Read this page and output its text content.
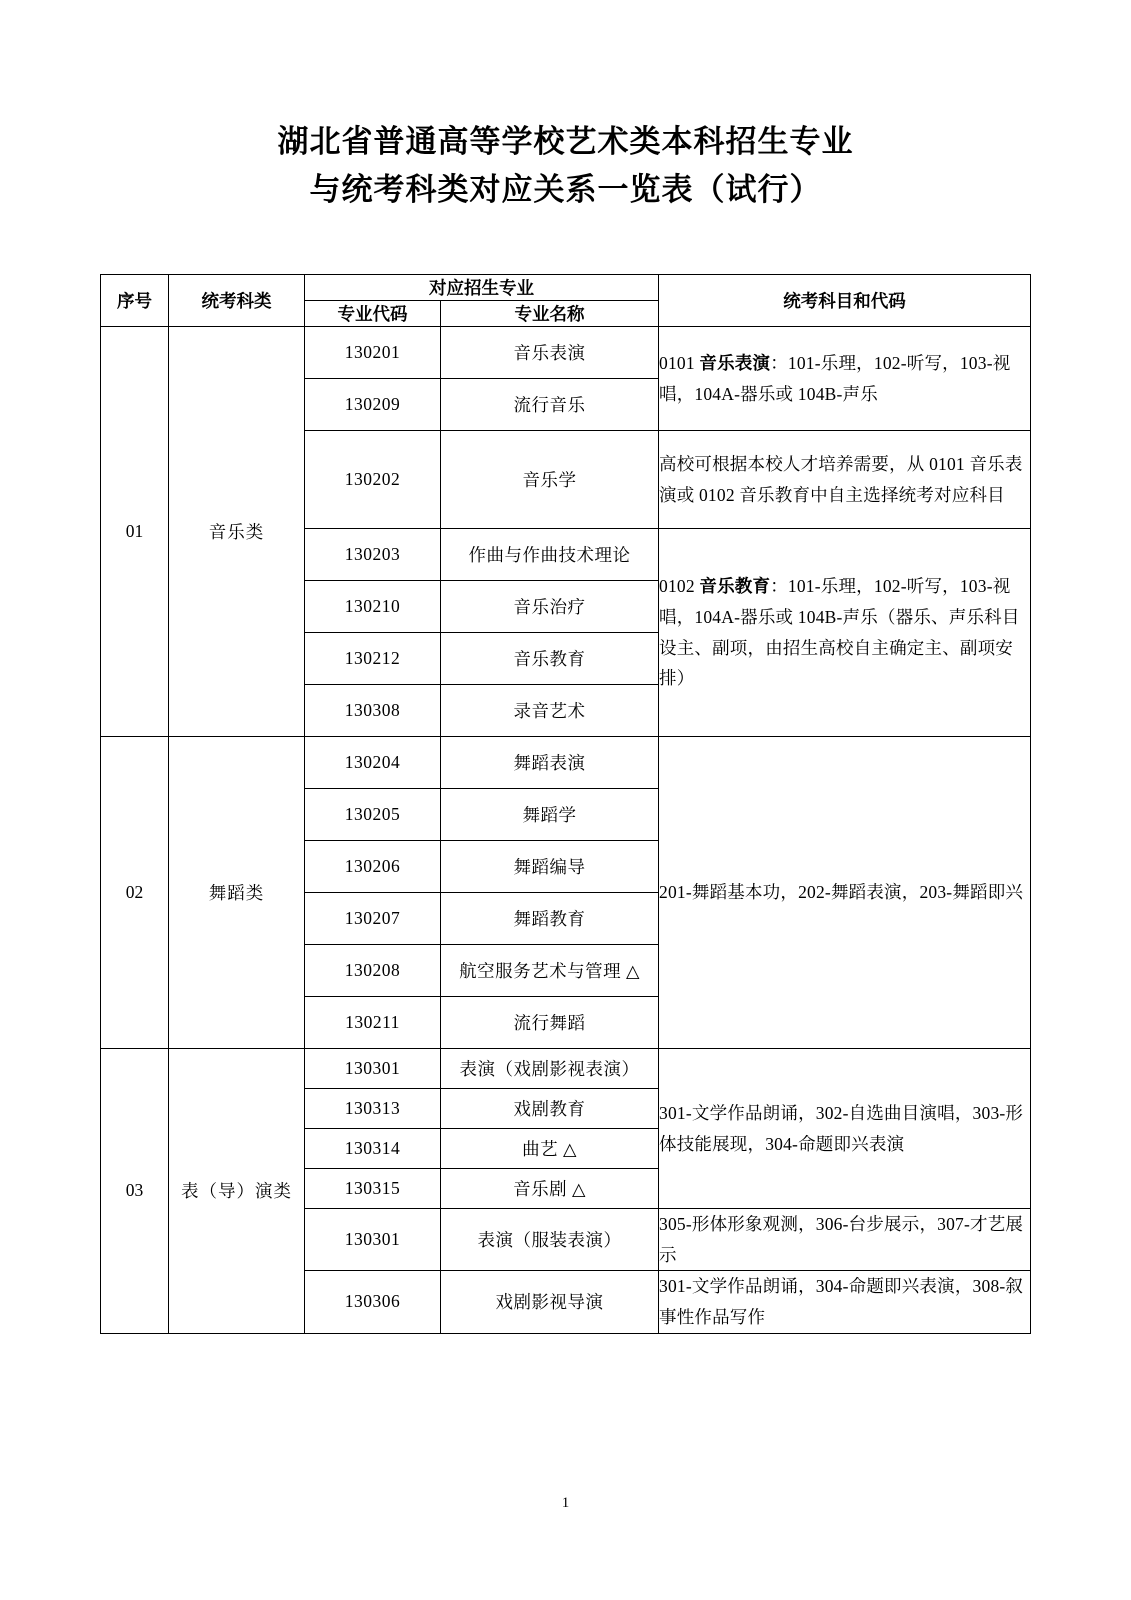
湖北省普通高等学校艺术类本科招生专业
与统考科类对应关系一览表（试行）
序号	统考科类	对应招生专业		统考科目和代码
		专业代码	专业名称	
01	音乐类	130201	音乐表演	0101 音乐表演：101-乐理，102-听写，103-视唱，104A-器乐或 104B-声乐
		130209	流行音乐	
		130202	音乐学	高校可根据本校人才培养需要，从 0101 音乐表演或 0102 音乐教育中自主选择统考对应科目
		130203	作曲与作曲技术理论	0102 音乐教育：101-乐理，102-听写，103-视唱，104A-器乐或 104B-声乐（器乐、声乐科目设主、副项，由招生高校自主确定主、副项安排）
		130210	音乐治疗	
		130212	音乐教育	
		130308	录音艺术	
02	舞蹈类	130204	舞蹈表演	201-舞蹈基本功，202-舞蹈表演，203-舞蹈即兴
		130205	舞蹈学	
		130206	舞蹈编导	
		130207	舞蹈教育	
		130208	航空服务艺术与管理 △	
		130211	流行舞蹈	
03	表（导）演类	130301	表演（戏剧影视表演）	301-文学作品朗诵，302-自选曲目演唱，303-形体技能展现，304-命题即兴表演
		130313	戏剧教育	
		130314	曲艺 △	
		130315	音乐剧 △	
		130301	表演（服装表演）	305-形体形象观测，306-台步展示，307-才艺展示
		130306	戏剧影视导演	301-文学作品朗诵，304-命题即兴表演，308-叙事性作品写作
1
